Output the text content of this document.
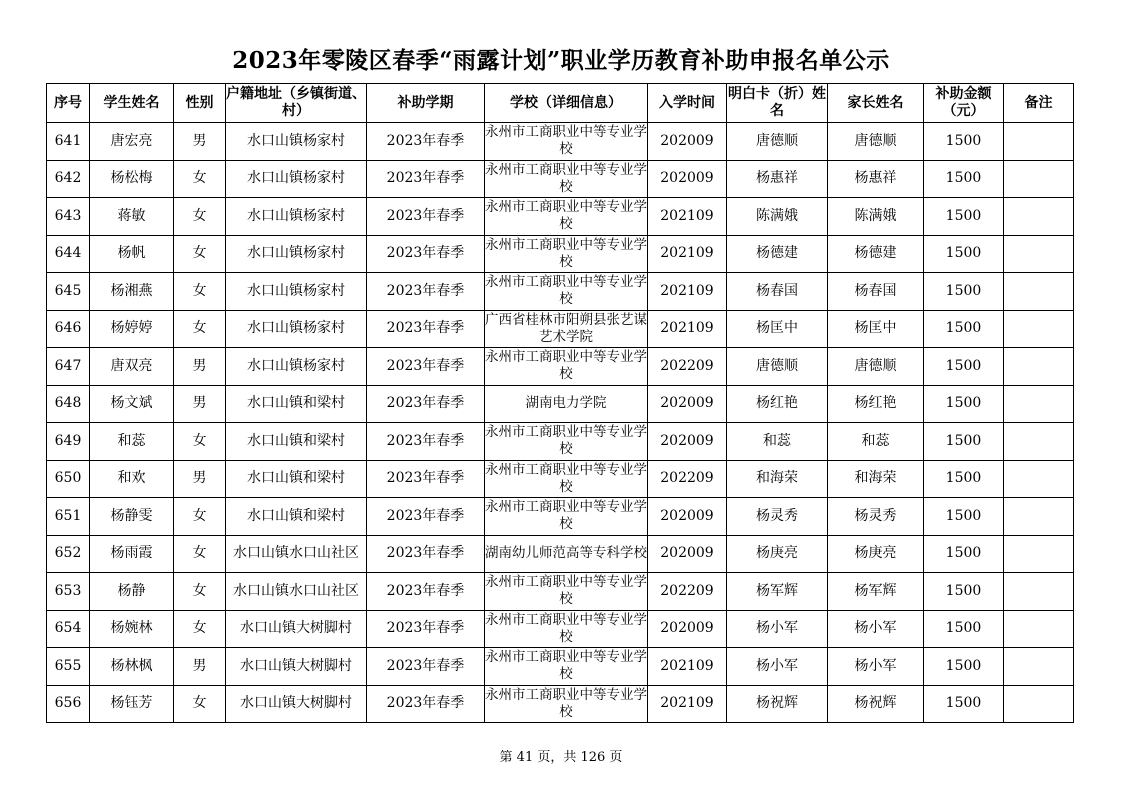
2023年零陵区春季“雨露计划”职业学历教育补助申报名单公示
序号	学生姓名	性别	户籍地址（乡镇街道、村）	补助学期	学校（详细信息）	入学时间	明白卡（折）姓名	家长姓名	补助金额（元）	备注
641	唐宏亮	男	水口山镇杨家村	2023年春季	永州市工商职业中等专业学校	202009	唐德顺	唐德顺	1500	
642	杨松梅	女	水口山镇杨家村	2023年春季	永州市工商职业中等专业学校	202009	杨惠祥	杨惠祥	1500	
643	蒋敏	女	水口山镇杨家村	2023年春季	永州市工商职业中等专业学校	202109	陈满娥	陈满娥	1500	
644	杨帆	女	水口山镇杨家村	2023年春季	永州市工商职业中等专业学校	202109	杨德建	杨德建	1500	
645	杨湘燕	女	水口山镇杨家村	2023年春季	永州市工商职业中等专业学校	202109	杨春国	杨春国	1500	
646	杨婷婷	女	水口山镇杨家村	2023年春季	广西省桂林市阳朔县张艺谋艺术学院	202109	杨匡中	杨匡中	1500	
647	唐双亮	男	水口山镇杨家村	2023年春季	永州市工商职业中等专业学校	202209	唐德顺	唐德顺	1500	
648	杨文斌	男	水口山镇和梁村	2023年春季	湖南电力学院	202009	杨红艳	杨红艳	1500	
649	和蕊	女	水口山镇和梁村	2023年春季	永州市工商职业中等专业学校	202009	和蕊	和蕊	1500	
650	和欢	男	水口山镇和梁村	2023年春季	永州市工商职业中等专业学校	202209	和海荣	和海荣	1500	
651	杨静雯	女	水口山镇和梁村	2023年春季	永州市工商职业中等专业学校	202009	杨灵秀	杨灵秀	1500	
652	杨雨霞	女	水口山镇水口山社区	2023年春季	湖南幼儿师范高等专科学校	202009	杨庚亮	杨庚亮	1500	
653	杨静	女	水口山镇水口山社区	2023年春季	永州市工商职业中等专业学校	202209	杨军辉	杨军辉	1500	
654	杨婉林	女	水口山镇大树脚村	2023年春季	永州市工商职业中等专业学校	202009	杨小军	杨小军	1500	
655	杨林枫	男	水口山镇大树脚村	2023年春季	永州市工商职业中等专业学校	202109	杨小军	杨小军	1500	
656	杨钰芳	女	水口山镇大树脚村	2023年春季	永州市工商职业中等专业学校	202109	杨祝辉	杨祝辉	1500	
第 41 页，共 126 页
